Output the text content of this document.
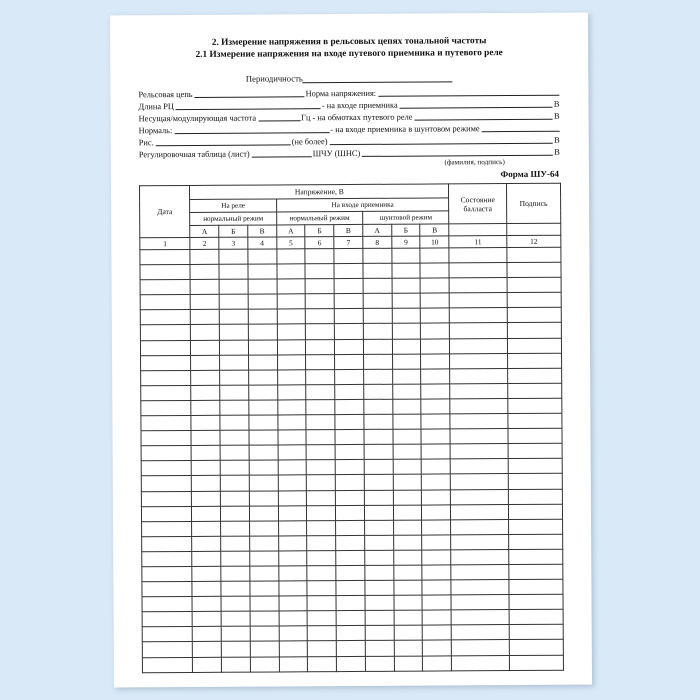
2. Измерение напряжения в рельсовых цепях тональной частоты
2.1 Измерение напряжения на входе путевого приемника и путевого реле
Периодичность
Рельсовая цепь	Норма напряжения:
Длина РЦ	- на входе приемника	В
Несущая/модулирующая частота	Гц - на обмотках путевого реле	В
Нормаль:	- на входе приемника в шунтовом режиме
Рис.	(не более)	В
Регулировочная таблица (лист)	ШЧУ (ШНС)	В
(фамилия, подпись)
Форма ШУ-64
Дата	Напряжение, В									Состояние балласта	Подпись
	На реле			На входе приемника							
	нормальный режим			нормальный режим			шунтовой режим				
	А	Б	В	А	Б	В	А	Б	В		
1	2	3	4	5	6	7	8	9	10	11	12
